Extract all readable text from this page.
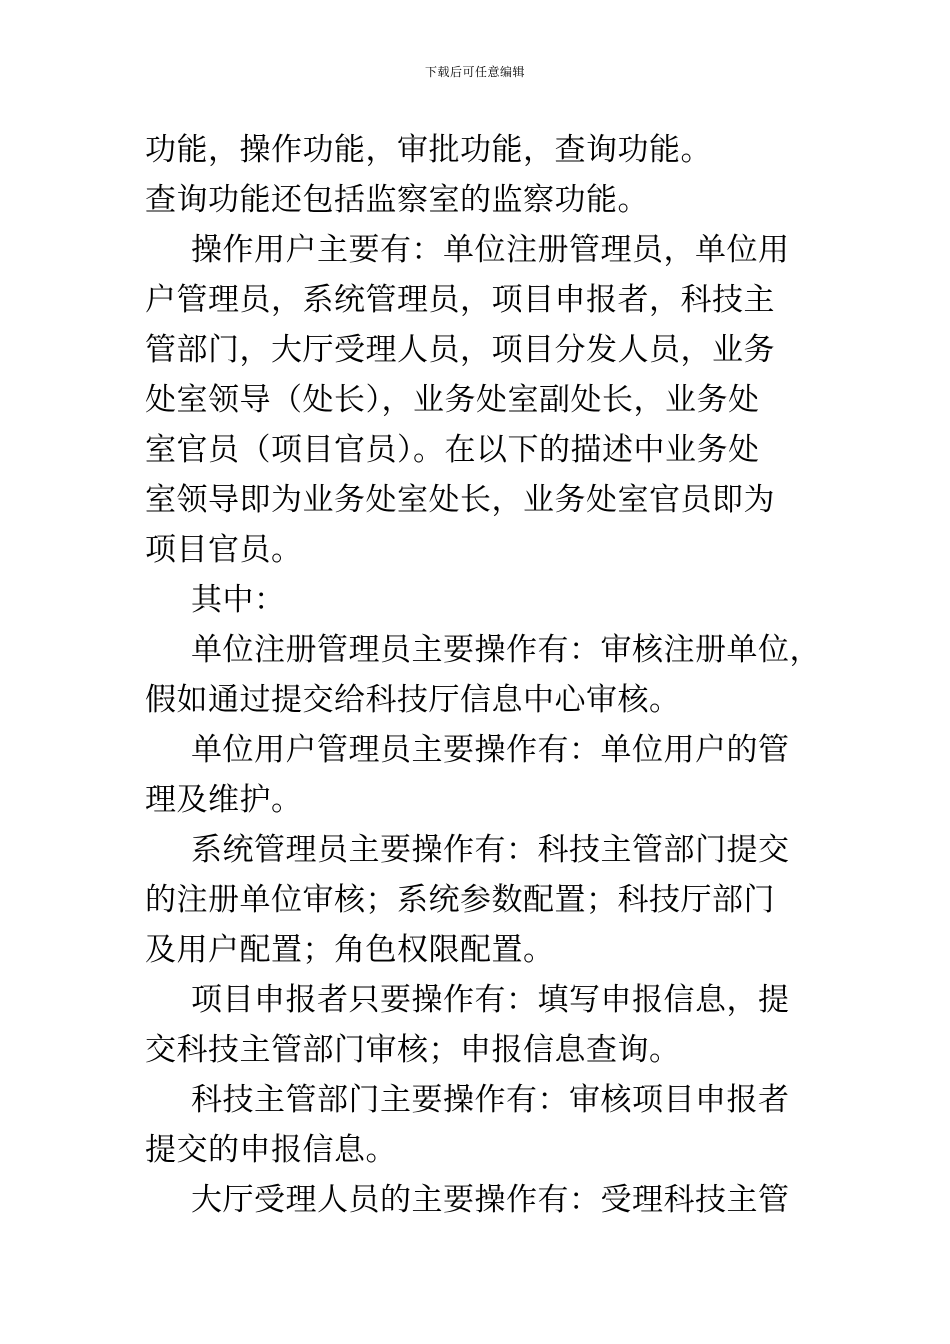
下载后可任意编辑
功能，操作功能，审批功能，查询功能。
查询功能还包括监察室的监察功能。
操作用户主要有：单位注册管理员，单位用
户管理员，系统管理员，项目申报者，科技主
管部门，大厅受理人员，项目分发人员，业务
处室领导（处长），业务处室副处长，业务处
室官员（项目官员）。在以下的描述中业务处
室领导即为业务处室处长，业务处室官员即为
项目官员。
其中：
单位注册管理员主要操作有：审核注册单位，
假如通过提交给科技厅信息中心审核。
单位用户管理员主要操作有：单位用户的管
理及维护。
系统管理员主要操作有：科技主管部门提交
的注册单位审核；系统参数配置；科技厅部门
及用户配置；角色权限配置。
项目申报者只要操作有：填写申报信息，提
交科技主管部门审核；申报信息查询。
科技主管部门主要操作有：审核项目申报者
提交的申报信息。
大厅受理人员的主要操作有：受理科技主管
